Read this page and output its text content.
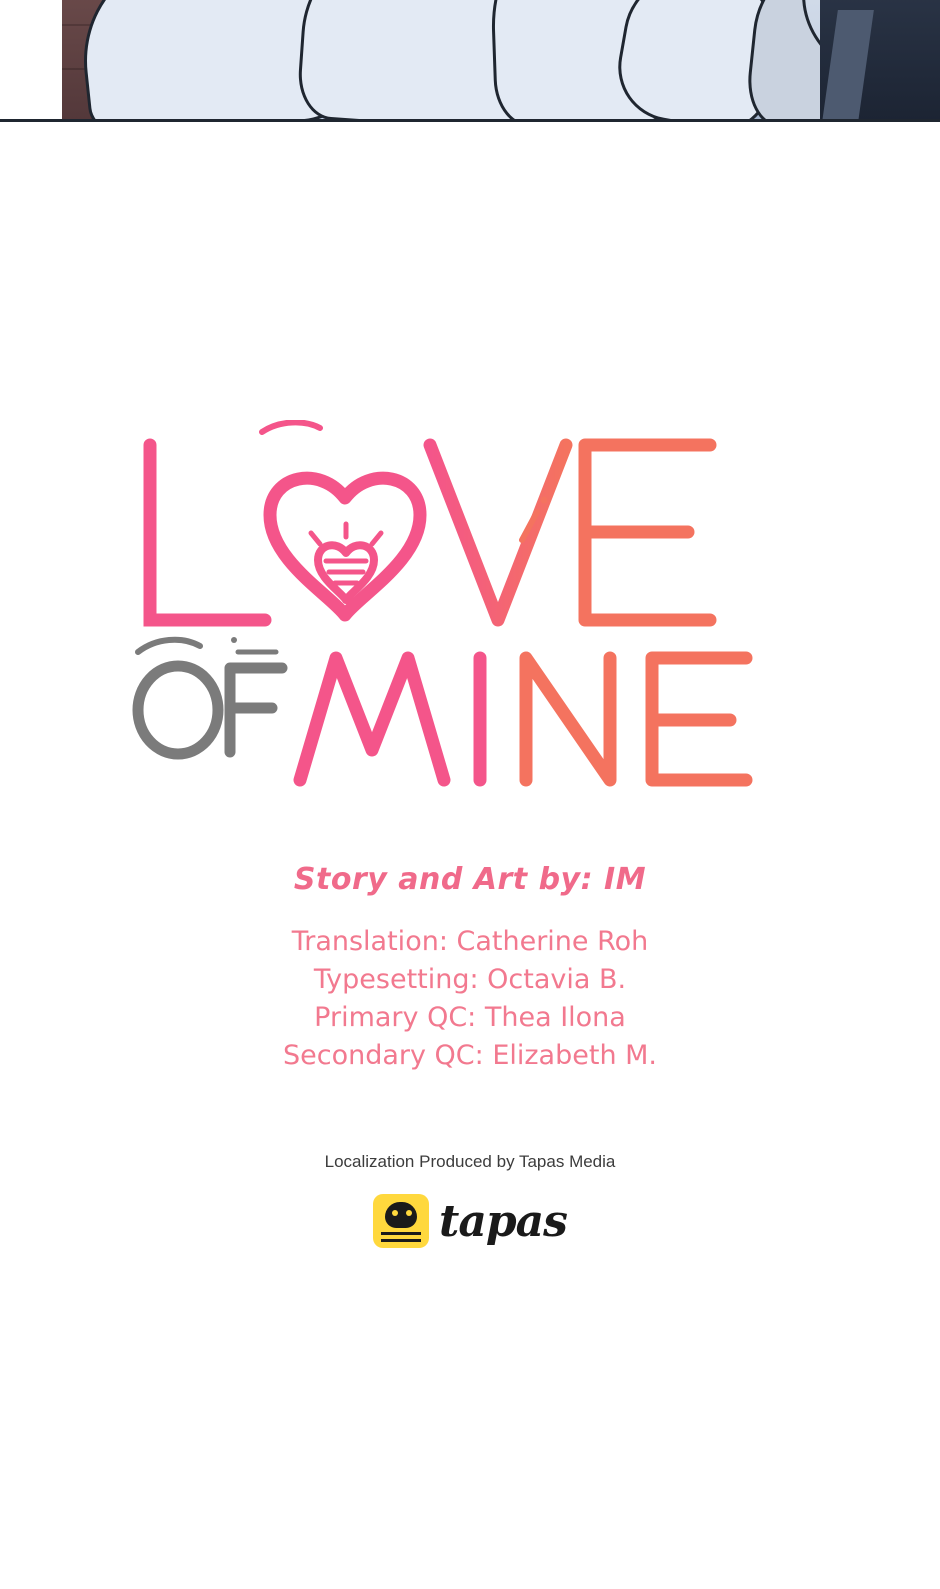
Story and Art by: IM
Translation: Catherine Roh
Typesetting: Octavia B.
Primary QC: Thea Ilona
Secondary QC: Elizabeth M.
Localization Produced by Tapas Media
tapas
